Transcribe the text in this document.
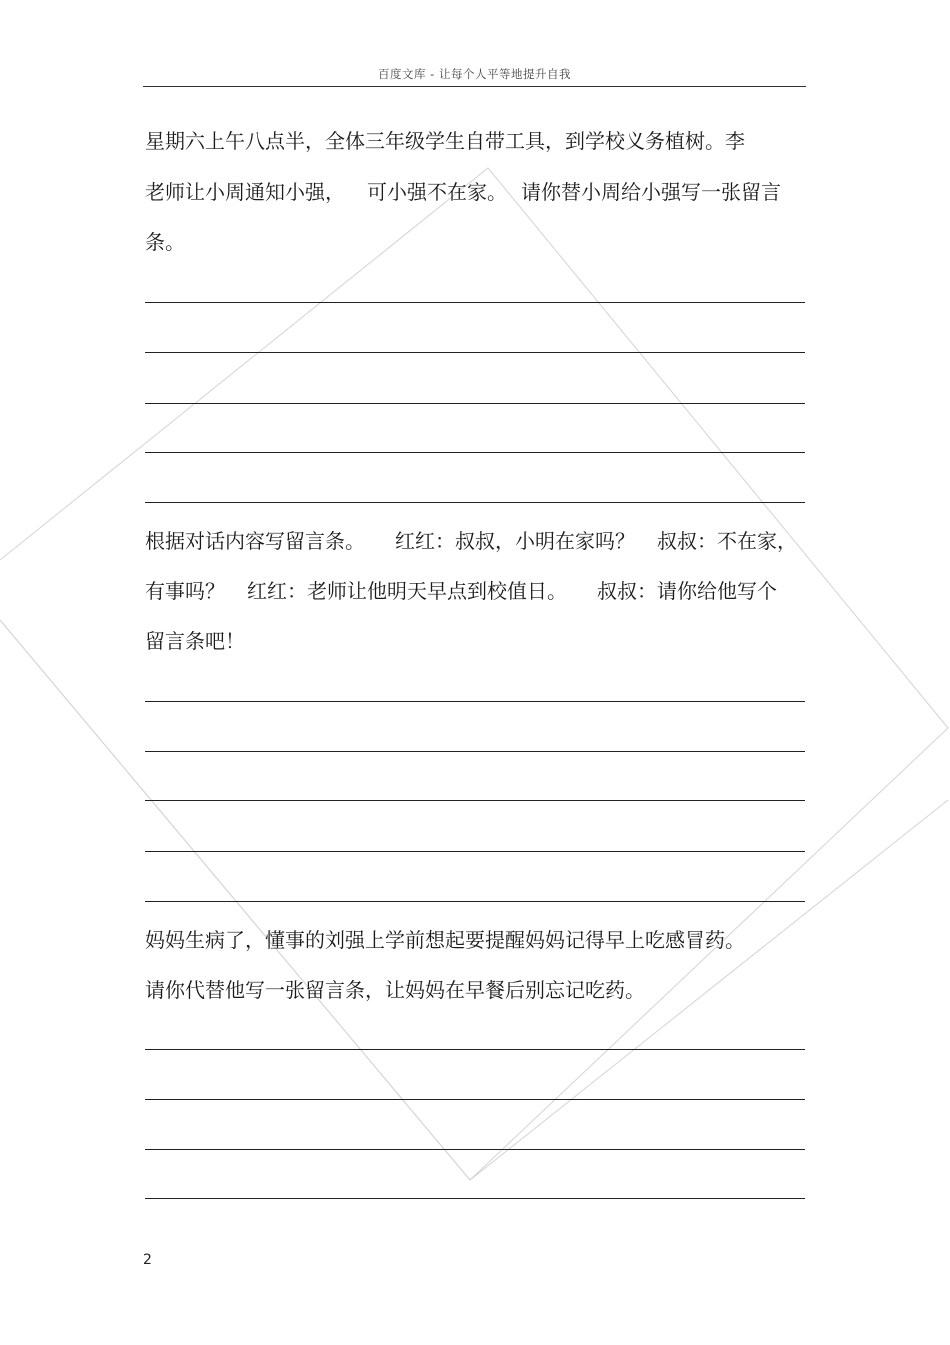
百度文库 - 让每个人平等地提升自我
星期六上午八点半，全体三年级学生自带工具，到学校义务植树。李
老师让小周通知小强， 可小强不在家。 请你替小周给小强写一张留言
条。
根据对话内容写留言条。 红红：叔叔，小明在家吗？ 叔叔：不在家，
有事吗？ 红红：老师让他明天早点到校值日。 叔叔：请你给他写个
留言条吧！
妈妈生病了，懂事的刘强上学前想起要提醒妈妈记得早上吃感冒药。
请你代替他写一张留言条，让妈妈在早餐后别忘记吃药。
2
